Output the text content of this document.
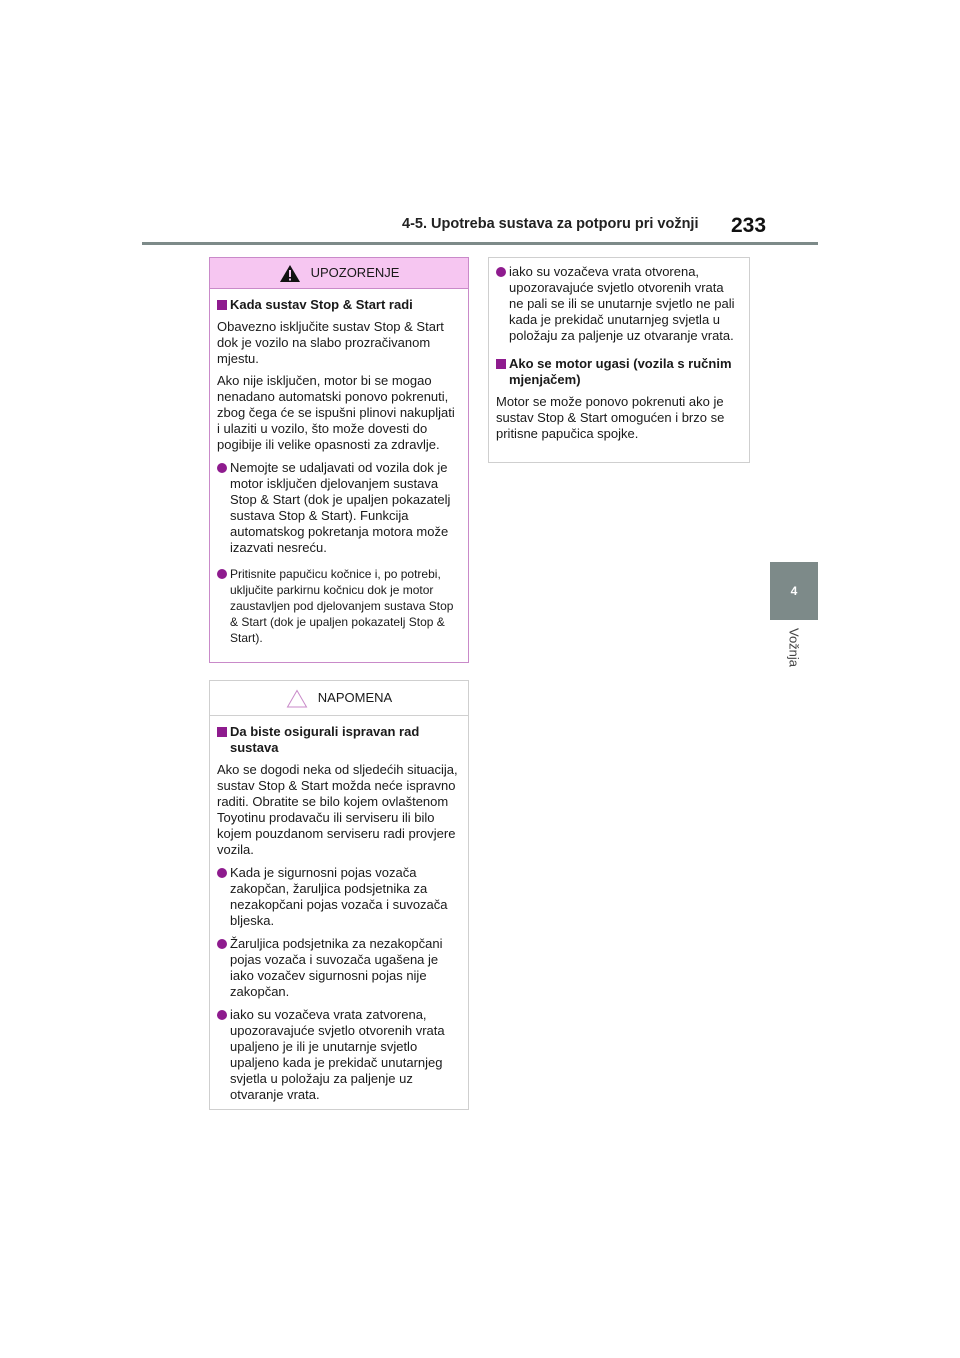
4-5. Upotreba sustava za potporu pri vožnji 233
4
Vožnja
UPOZORENJE
Kada sustav Stop & Start radi
Obavezno isključite sustav Stop & Start dok je vozilo na slabo prozračivanom mjestu.
Ako nije isključen, motor bi se mogao nenadano automatski ponovo pokrenuti, zbog čega će se ispušni plinovi nakupljati i ulaziti u vozilo, što može dovesti do pogibije ili velike opasnosti za zdravlje.
Nemojte se udaljavati od vozila dok je motor isključen djelovanjem sustava Stop & Start (dok je upaljen pokazatelj sustava Stop & Start). Funkcija automatskog pokretanja motora može izazvati nesreću.
Pritisnite papučicu kočnice i, po potrebi, uključite parkirnu kočnicu dok je motor zaustavljen pod djelovanjem sustava Stop & Start (dok je upaljen pokazatelj Stop & Start).
NAPOMENA
Da biste osigurali ispravan rad sustava
Ako se dogodi neka od sljedećih situacija, sustav Stop & Start možda neće ispravno raditi. Obratite se bilo kojem ovlaštenom Toyotinu prodavaču ili serviseru ili bilo kojem pouzdanom serviseru radi provjere vozila.
Kada je sigurnosni pojas vozača zakopčan, žaruljica podsjetnika za nezakopčani pojas vozača i suvozača bljeska.
Žaruljica podsjetnika za nezakopčani pojas vozača i suvozača ugašena je iako vozačev sigurnosni pojas nije zakopčan.
iako su vozačeva vrata zatvorena, upozoravajuće svjetlo otvorenih vrata upaljeno je ili je unutarnje svjetlo upaljeno kada je prekidač unutarnjeg svjetla u položaju za paljenje uz otvaranje vrata.
iako su vozačeva vrata otvorena, upozoravajuće svjetlo otvorenih vrata ne pali se ili se unutarnje svjetlo ne pali kada je prekidač unutarnjeg svjetla u položaju za paljenje uz otvaranje vrata.
Ako se motor ugasi (vozila s ručnim mjenjačem)
Motor se može ponovo pokrenuti ako je sustav Stop & Start omogućen i brzo se pritisne papučica spojke.
